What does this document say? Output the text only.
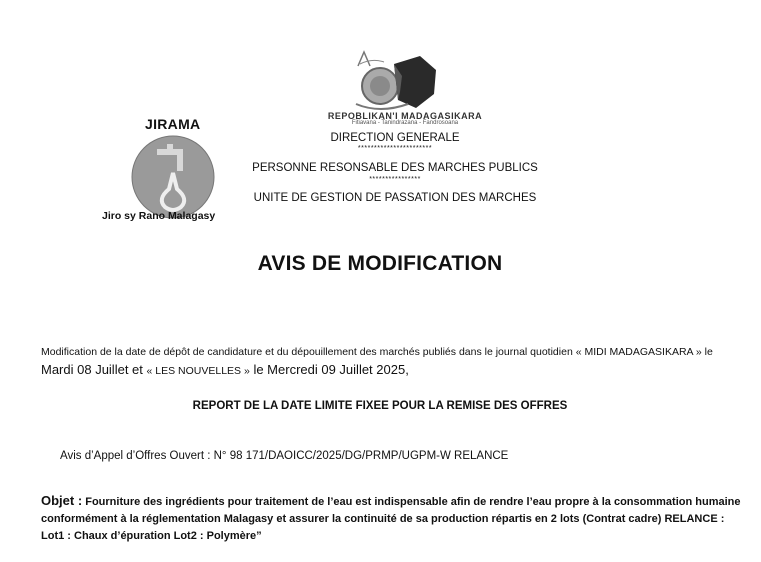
JIRAMA
Jiro sy Rano Malagasy
REPOBLIKAN'I MADAGASIKARA
Fitiavana - Tanindrazana - Fandrosoana
DIRECTION GENERALE
***********************
PERSONNE RESONSABLE DES MARCHES PUBLICS
****************
UNITE DE GESTION DE PASSATION DES MARCHES
AVIS DE MODIFICATION
Modification de la date de dépôt de candidature et du dépouillement des marchés publiés dans le journal quotidien « MIDI MADAGASIKARA » le
Mardi 08 Juillet et « LES NOUVELLES » le Mercredi 09 Juillet 2025,
REPORT DE LA DATE LIMITE FIXEE POUR LA REMISE DES OFFRES
Avis d’Appel d’Offres Ouvert : N° 98 171/DAOICC/2025/DG/PRMP/UGPM-W RELANCE
Objet : Fourniture des ingrédients pour traitement de l’eau est indispensable afin de rendre l’eau propre à la consommation humaine conformément à la réglementation Malagasy et assurer la continuité de sa production répartis en 2 lots (Contrat cadre) RELANCE : Lot1 : Chaux d’épuration Lot2 : Polymère”
